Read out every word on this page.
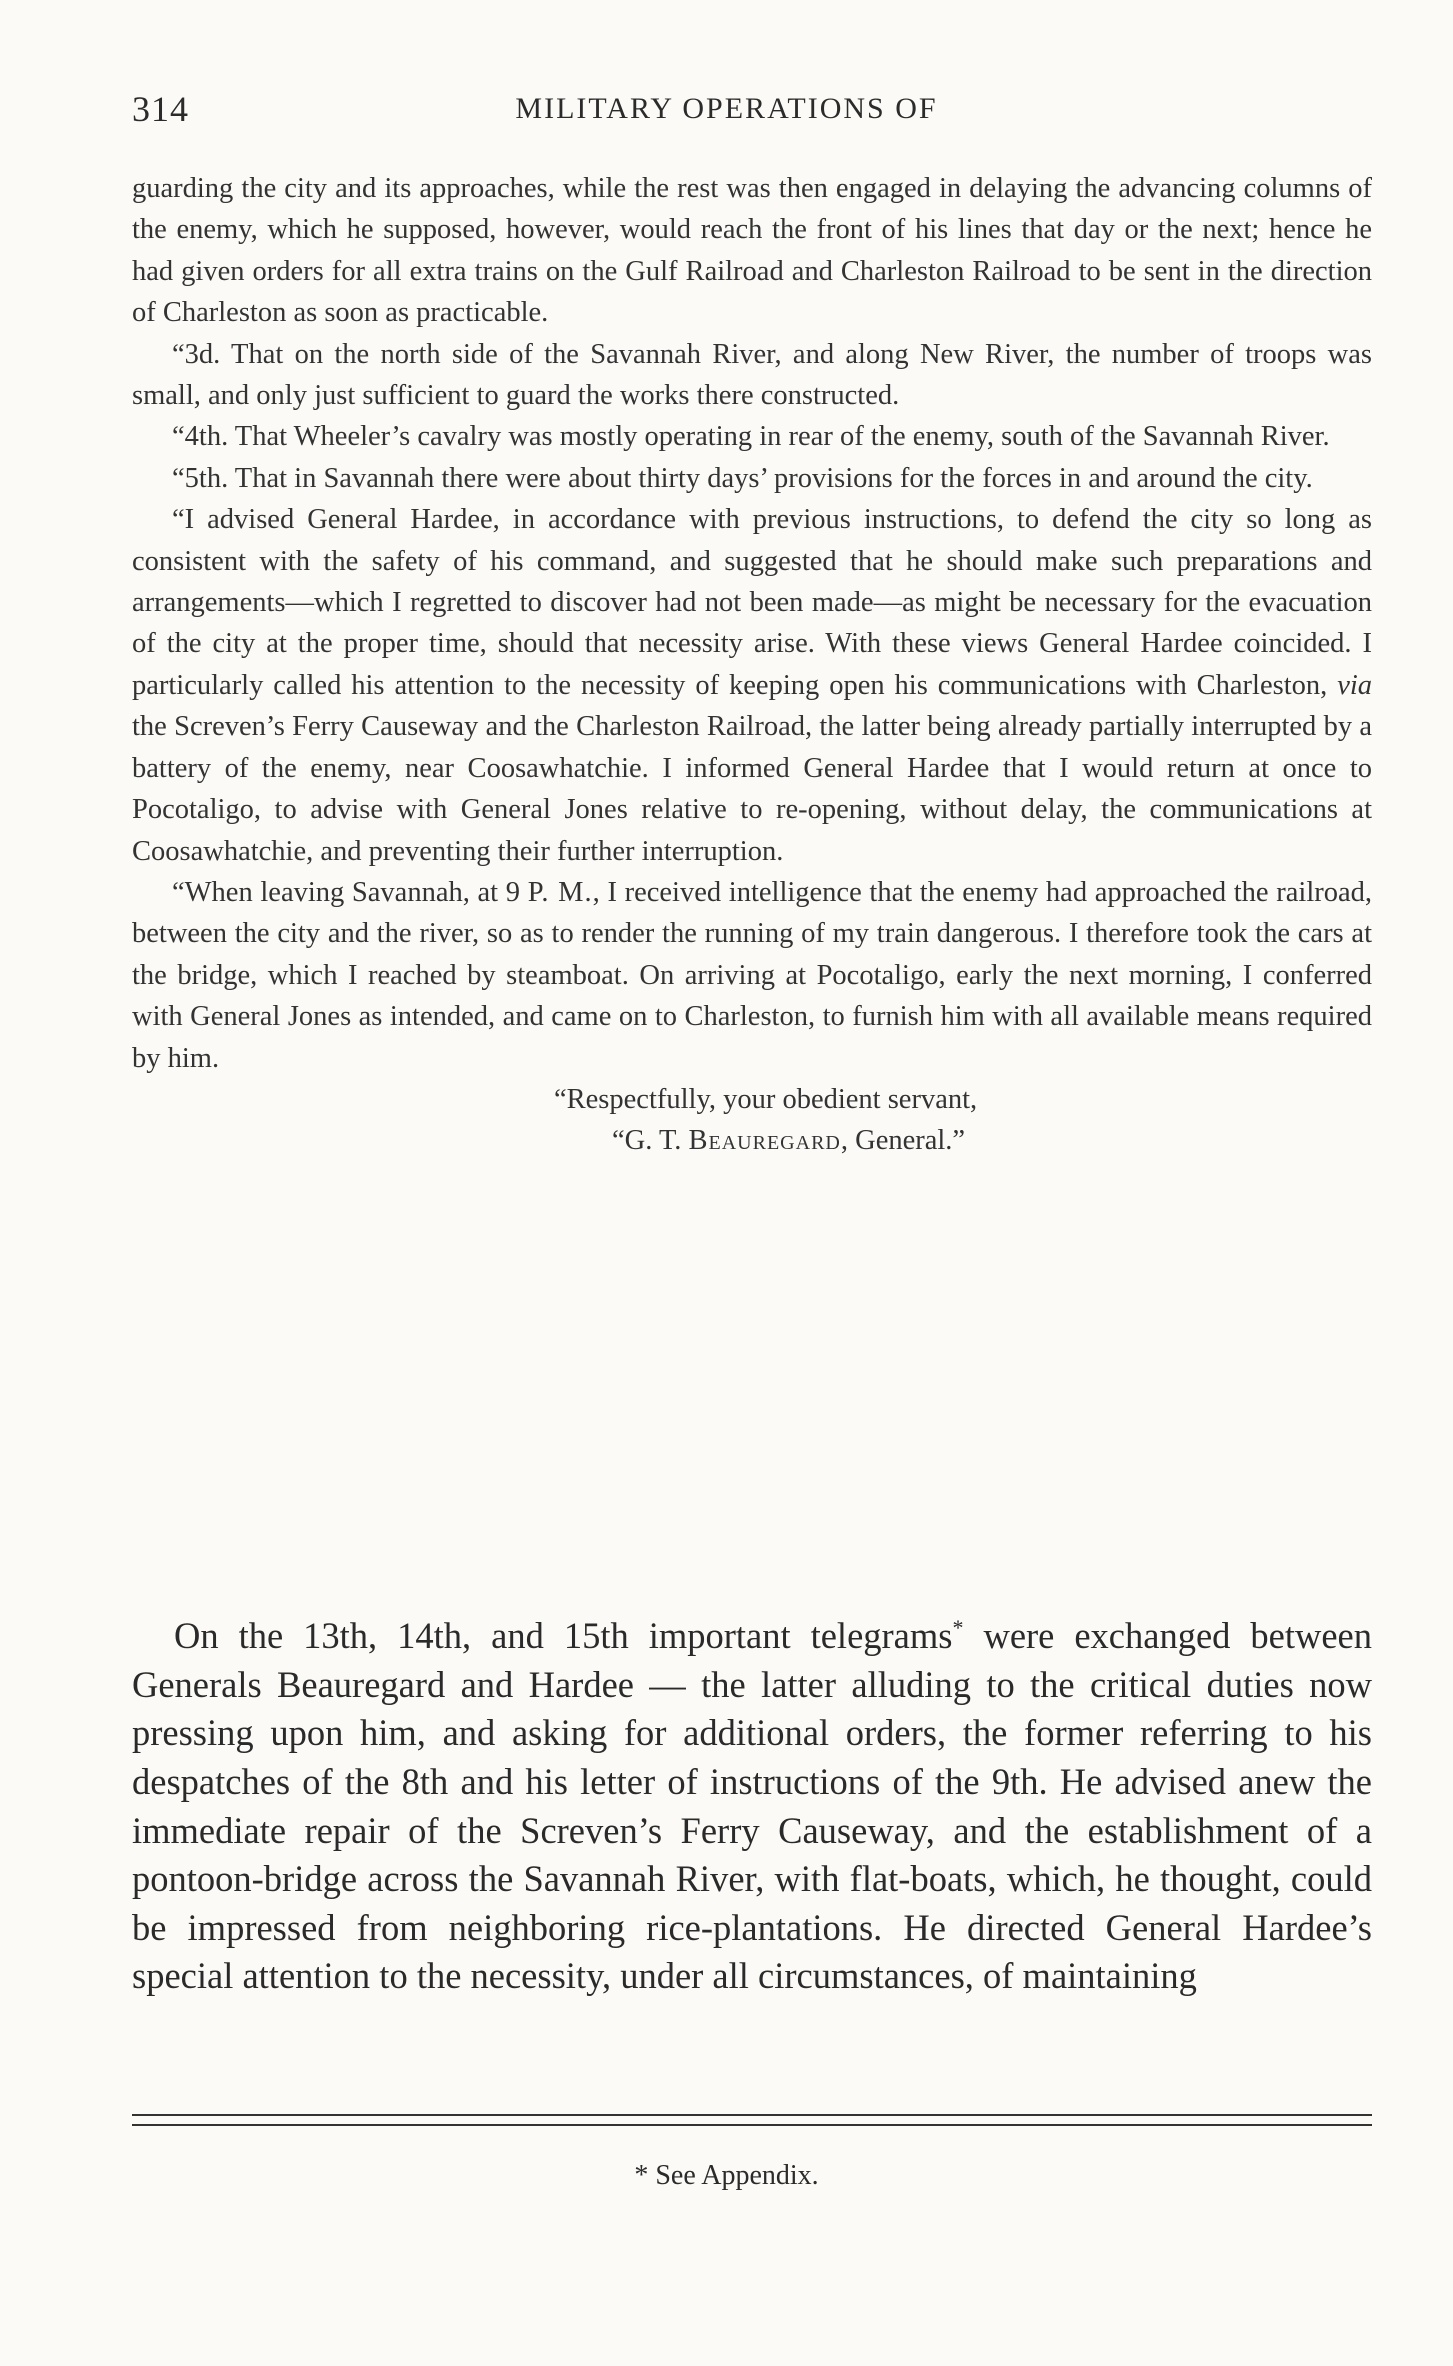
314	MILITARY OPERATIONS OF

guarding the city and its approaches, while the rest was then engaged in delaying the advancing columns of the enemy, which he supposed, however, would reach the front of his lines that day or the next; hence he had given orders for all extra trains on the Gulf Railroad and Charleston Railroad to be sent in the direction of Charleston as soon as practicable.

“3d. That on the north side of the Savannah River, and along New River, the number of troops was small, and only just sufficient to guard the works there constructed.

“4th. That Wheeler’s cavalry was mostly operating in rear of the enemy, south of the Savannah River.

“5th. That in Savannah there were about thirty days’ provisions for the forces in and around the city.

“I advised General Hardee, in accordance with previous instructions, to defend the city so long as consistent with the safety of his command, and suggested that he should make such preparations and arrangements—which I regretted to discover had not been made—as might be necessary for the evacuation of the city at the proper time, should that necessity arise. With these views General Hardee coincided. I particularly called his attention to the necessity of keeping open his communications with Charleston, via the Screven’s Ferry Causeway and the Charleston Railroad, the latter being already partially interrupted by a battery of the enemy, near Coosawhatchie. I informed General Hardee that I would return at once to Pocotaligo, to advise with General Jones relative to re-opening, without delay, the communications at Coosawhatchie, and preventing their further interruption.

“When leaving Savannah, at 9 P. M., I received intelligence that the enemy had approached the railroad, between the city and the river, so as to render the running of my train dangerous. I therefore took the cars at the bridge, which I reached by steamboat. On arriving at Pocotaligo, early the next morning, I conferred with General Jones as intended, and came on to Charleston, to furnish him with all available means required by him.

“Respectfully, your obedient servant,

“G. T. Beauregard, General.”

On the 13th, 14th, and 15th important telegrams* were exchanged between Generals Beauregard and Hardee — the latter alluding to the critical duties now pressing upon him, and asking for additional orders, the former referring to his despatches of the 8th and his letter of instructions of the 9th. He advised anew the immediate repair of the Screven’s Ferry Causeway, and the establishment of a pontoon-bridge across the Savannah River, with flat-boats, which, he thought, could be impressed from neighboring rice-plantations. He directed General Hardee’s special attention to the necessity, under all circumstances, of maintaining

* See Appendix.
